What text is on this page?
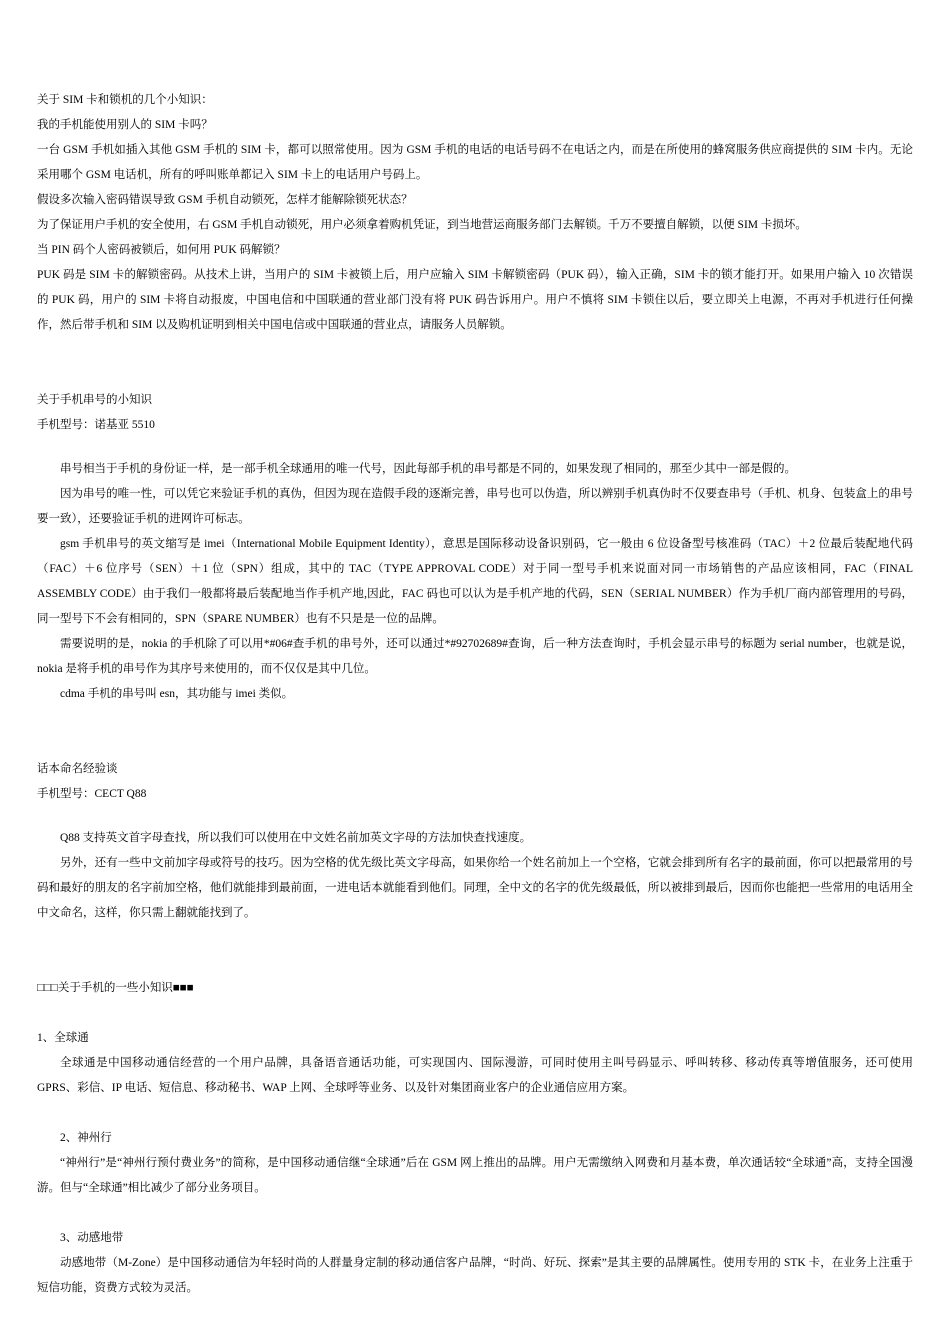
关于 SIM 卡和锁机的几个小知识：

我的手机能使用别人的 SIM 卡吗？

一台 GSM 手机如插入其他 GSM 手机的 SIM 卡，都可以照常使用。因为 GSM 手机的电话的电话号码不在电话之内，而是在所使用的蜂窝服务供应商提供的 SIM 卡内。无论采用哪个 GSM 电话机，所有的呼叫账单都记入 SIM 卡上的电话用户号码上。

假设多次输入密码错误导致 GSM 手机自动锁死，怎样才能解除锁死状态？

为了保证用户手机的安全使用，右 GSM 手机自动锁死，用户必须拿着购机凭证，到当地营运商服务部门去解锁。千万不要擅自解锁，以便 SIM 卡损坏。

当 PIN 码个人密码被锁后，如何用 PUK 码解锁？

PUK 码是 SIM 卡的解锁密码。从技术上讲，当用户的 SIM 卡被锁上后，用户应输入 SIM 卡解锁密码（PUK 码），输入正确，SIM 卡的锁才能打开。如果用户输入 10 次错误的 PUK 码，用户的 SIM 卡将自动报废，中国电信和中国联通的营业部门没有将 PUK 码告诉用户。用户不慎将 SIM 卡锁住以后，要立即关上电源，不再对手机进行任何操作，然后带手机和 SIM 以及购机证明到相关中国电信或中国联通的营业点，请服务人员解锁。

关于手机串号的小知识

手机型号：诺基亚 5510

串号相当于手机的身份证一样，是一部手机全球通用的唯一代号，因此每部手机的串号都是不同的，如果发现了相同的，那至少其中一部是假的。

因为串号的唯一性，可以凭它来验证手机的真伪，但因为现在造假手段的逐渐完善，串号也可以伪造，所以辨别手机真伪时不仅要查串号（手机、机身、包装盒上的串号要一致），还要验证手机的进网许可标志。

gsm 手机串号的英文缩写是 imei（International Mobile Equipment Identity），意思是国际移动设备识别码，它一般由 6 位设备型号核准码（TAC）＋2 位最后装配地代码（FAC）＋6 位序号（SEN）＋1 位（SPN）组成，其中的 TAC（TYPE APPROVAL CODE）对于同一型号手机来说面对同一市场销售的产品应该相同，FAC（FINAL ASSEMBLY CODE）由于我们一般都将最后装配地当作手机产地,因此，FAC 码也可以认为是手机产地的代码，SEN（SERIAL NUMBER）作为手机厂商内部管理用的号码，同一型号下不会有相同的，SPN（SPARE NUMBER）也有不只是是一位的品牌。

需要说明的是，nokia 的手机除了可以用*#06#查手机的串号外，还可以通过*#92702689#查询，后一种方法查询时，手机会显示串号的标题为 serial number，也就是说，nokia 是将手机的串号作为其序号来使用的，而不仅仅是其中几位。

cdma 手机的串号叫 esn，其功能与 imei 类似。

话本命名经验谈

手机型号：CECT Q88

Q88 支持英文首字母查找，所以我们可以使用在中文姓名前加英文字母的方法加快查找速度。

另外，还有一些中文前加字母或符号的技巧。因为空格的优先级比英文字母高，如果你给一个姓名前加上一个空格，它就会排到所有名字的最前面，你可以把最常用的号码和最好的朋友的名字前加空格，他们就能排到最前面，一进电话本就能看到他们。同理，全中文的名字的优先级最低，所以被排到最后，因而你也能把一些常用的电话用全中文命名，这样，你只需上翻就能找到了。

□□□关于手机的一些小知识■■■

1、全球通

全球通是中国移动通信经营的一个用户品牌，具备语音通话功能，可实现国内、国际漫游，可同时使用主叫号码显示、呼叫转移、移动传真等增值服务，还可使用 GPRS、彩信、IP 电话、短信息、移动秘书、WAP 上网、全球呼等业务、以及针对集团商业客户的企业通信应用方案。

2、神州行

“神州行”是“神州行预付费业务”的简称，是中国移动通信继“全球通”后在 GSM 网上推出的品牌。用户无需缴纳入网费和月基本费，单次通话较“全球通”高，支持全国漫游。但与“全球通”相比减少了部分业务项目。

3、动感地带

动感地带（M-Zone）是中国移动通信为年轻时尚的人群量身定制的移动通信客户品牌，“时尚、好玩、探索”是其主要的品牌属性。使用专用的 STK 卡，在业务上注重于短信功能，资费方式较为灵活。
